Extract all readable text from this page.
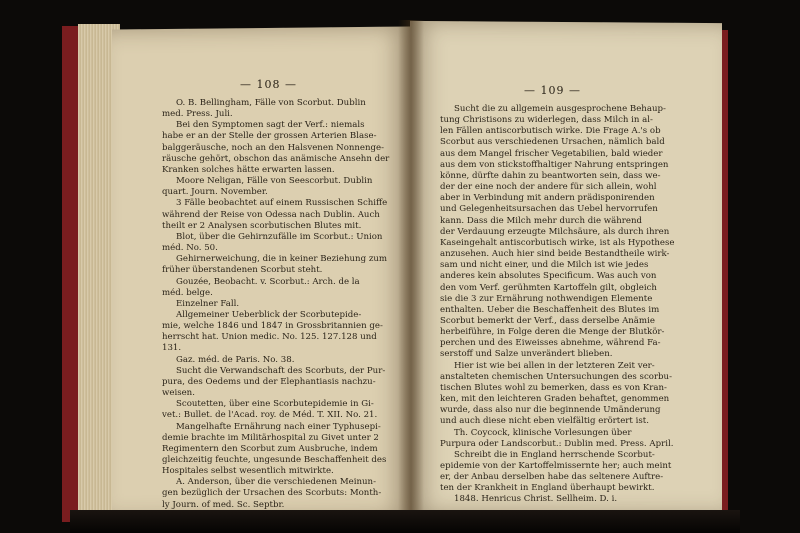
— 108 —	— 109 —
O. B. Bellingham, Fälle von Scorbut. Dublin
med. Press. Juli.
Bei den Symptomen sagt der Verf.: niemals
habe er an der Stelle der grossen Arterien Blase-
balggeräusche, noch an den Halsvenen Nonnenge-
räusche gehört, obschon das anämische Ansehn der
Kranken solches hätte erwarten lassen.
Moore Neligan, Fälle von Seescorbut. Dublin
quart. Journ. November.
3 Fälle beobachtet auf einem Russischen Schiffe
während der Reise von Odessa nach Dublin. Auch
theilt er 2 Analysen scorbutischen Blutes mit.
Blot, über die Gehirnzufälle im Scorbut.: Union
méd. No. 50.
Gehirnerweichung, die in keiner Beziehung zum
früher überstandenen Scorbut steht.
Gouzée, Beobacht. v. Scorbut.: Arch. de la
méd. belge.
Einzelner Fall.
Allgemeiner Ueberblick der Scorbutepide-
mie, welche 1846 und 1847 in Grossbritannien ge-
herrscht hat. Union medic. No. 125. 127.128 und
131.
Gaz. méd. de Paris. No. 38.
Sucht die Verwandschaft des Scorbuts, der Pur-
pura, des Oedems und der Elephantiasis nachzu-
weisen.
Scoutetten, über eine Scorbutepidemie in Gi-
vet.: Bullet. de l'Acad. roy. de Méd. T. XII. No. 21.
Mangelhafte Ernährung nach einer Typhusepi-
demie brachte im Militärhospital zu Givet unter 2
Regimentern den Scorbut zum Ausbruche, indem
gleichzeitig feuchte, ungesunde Beschaffenheit des
Hospitales selbst wesentlich mitwirkte.
A. Anderson, über die verschiedenen Meinun-
gen bezüglich der Ursachen des Scorbuts: Month-
ly Journ. of med. Sc. Septbr.
Sucht die zu allgemein ausgesprochene Behaup-
tung Christisons zu widerlegen, dass Milch in al-
len Fällen antiscorbutisch wirke. Die Frage A.'s ob
Scorbut aus verschiedenen Ursachen, nämlich bald
aus dem Mangel frischer Vegetabilien, bald wieder
aus dem von stickstoffhaltiger Nahrung entspringen
könne, dürfte dahin zu beantworten sein, dass we-
der der eine noch der andere für sich allein, wohl
aber in Verbindung mit andern prädisponirenden
und Gelegenheitsursachen das Uebel hervorrufen
kann. Dass die Milch mehr durch die während
der Verdauung erzeugte Milchsäure, als durch ihren
Kaseingehalt antiscorbutisch wirke, ist als Hypothese
anzusehen. Auch hier sind beide Bestandtheile wirk-
sam und nicht einer, und die Milch ist wie jedes
anderes kein absolutes Specificum. Was auch von
den vom Verf. gerühmten Kartoffeln gilt, obgleich
sie die 3 zur Ernährung nothwendigen Elemente
enthalten. Ueber die Beschaffenheit des Blutes im
Scorbut bemerkt der Verf., dass derselbe Anämie
herbeiführe, in Folge deren die Menge der Blutkör-
perchen und des Eiweisses abnehme, während Fa-
serstoff und Salze unverändert blieben.
Hier ist wie bei allen in der letzteren Zeit ver-
anstalteten chemischen Untersuchungen des scorbu-
tischen Blutes wohl zu bemerken, dass es von Kran-
ken, mit den leichteren Graden behaftet, genommen
wurde, dass also nur die beginnende Umänderung
und auch diese nicht eben vielfältig erörtert ist.
Th. Coycock, klinische Vorlesungen über
Purpura oder Landscorbut.: Dublin med. Press. April.
Schreibt die in England herrschende Scorbut-
epidemie von der Kartoffelmissernte her; auch meint
er, der Anbau derselben habe das seltenere Auftre-
ten der Krankheit in England überhaupt bewirkt.
1848. Henricus Christ. Sellheim. D. i.
